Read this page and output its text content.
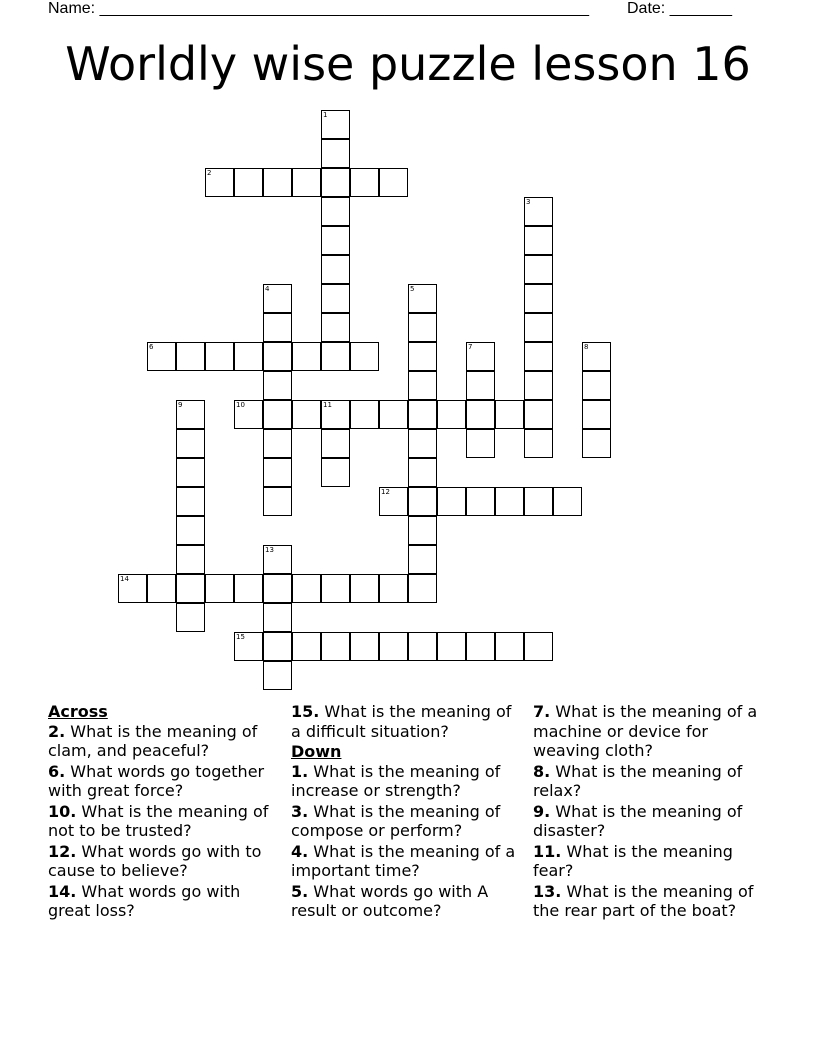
Name: _______________________________________________________ Date: _______
Worldly wise puzzle lesson 16
1
2
3
4	5
6	7	8
9	10	11
12
13
14
15
Across
2. What is the meaning of clam, and peaceful?
6. What words go together with great force?
10. What is the meaning of not to be trusted?
12. What words go with to cause to believe?
14. What words go with great loss?
15. What is the meaning of a difficult situation?
Down
1. What is the meaning of increase or strength?
3. What is the meaning of compose or perform?
4. What is the meaning of a important time?
5. What words go with A result or outcome?
7. What is the meaning of a machine or device for weaving cloth?
8. What is the meaning of relax?
9. What is the meaning of disaster?
11. What is the meaning fear?
13. What is the meaning of the rear part of the boat?
